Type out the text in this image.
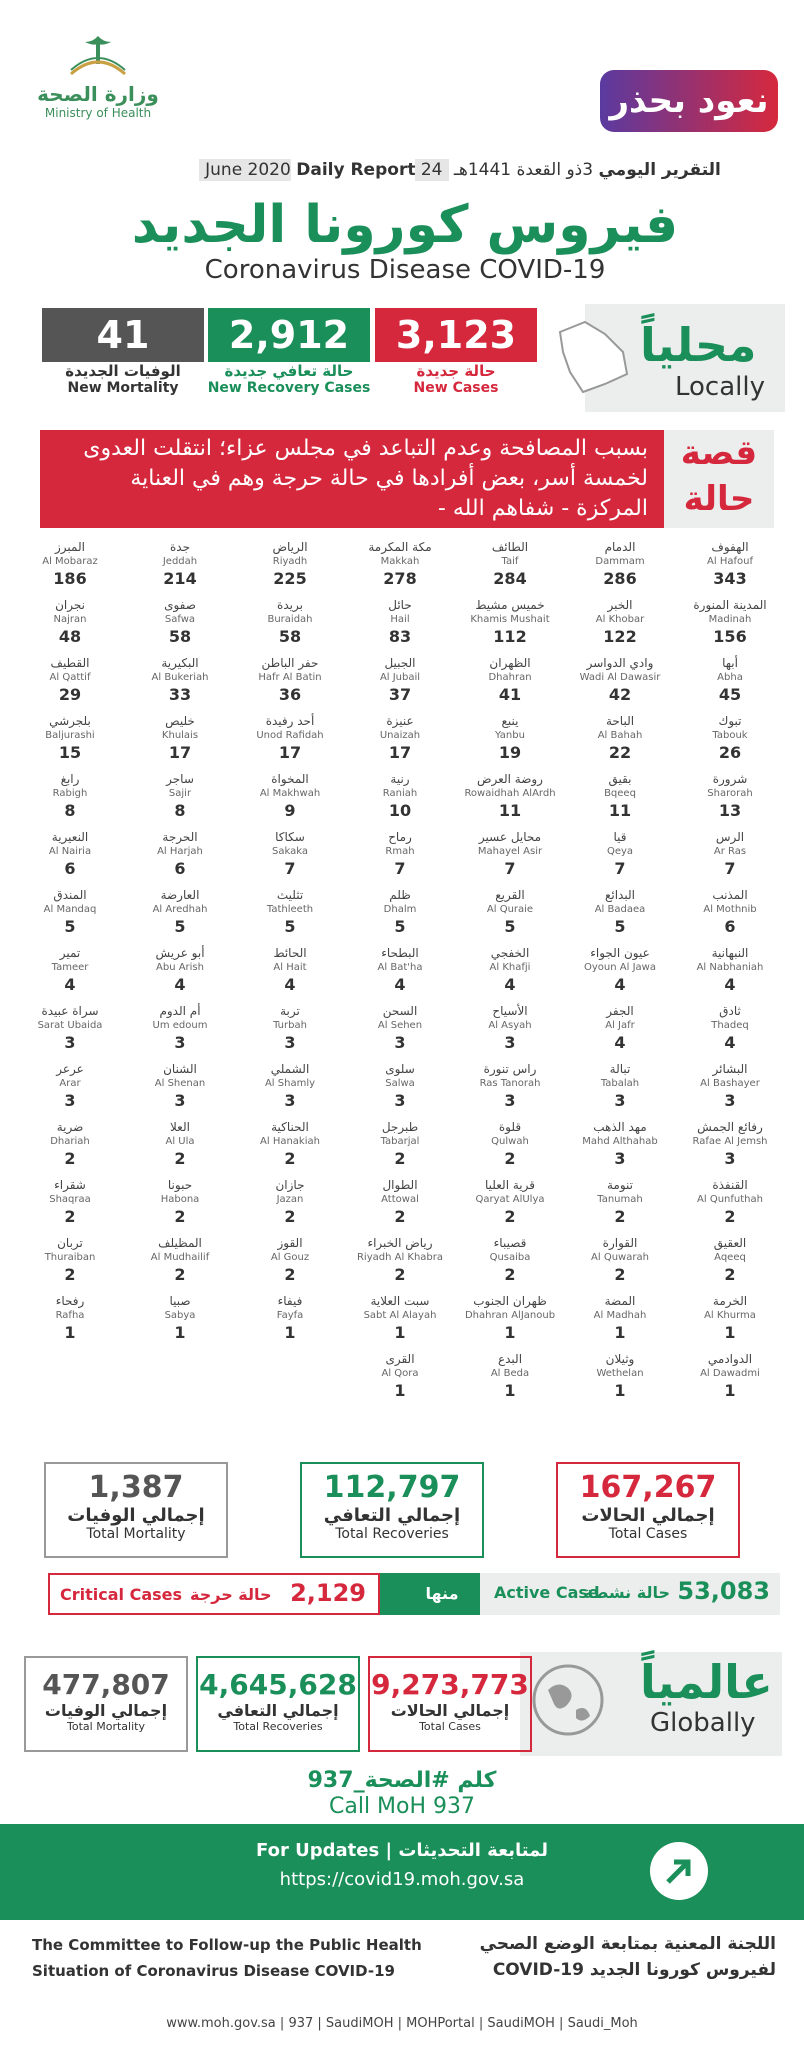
وزارة الصحة
Ministry of Health	نعود بحذر
التقرير اليومي 3ذو القعدة 1441هـ 24 June 2020 Daily Report
فيروس كورونا الجديد
Coronavirus Disease COVID-19
محلياً
Locally
3,123
حالة جديدة
New Cases
2,912
حالة تعافي جديدة
New Recovery Cases
41
الوفيات الجديدة
New Mortality
بسبب المصافحة وعدم التباعد في مجلس عزاء؛ انتقلت العدوى لخمسة أسر، بعض أفرادها في حالة حرجة وهم في العناية المركزة - شفاهم الله -
قصة حالة
الهفوف
Al Hafouf
343
الدمام
Dammam
286
الطائف
Taif
284
مكة المكرمة
Makkah
278
الرياض
Riyadh
225
جدة
Jeddah
214
المبرز
Al Mobaraz
186
المدينة المنورة
Madinah
156
الخبر
Al Khobar
122
خميس مشيط
Khamis Mushait
112
حائل
Hail
83
بريدة
Buraidah
58
صفوى
Safwa
58
نجران
Najran
48
أبها
Abha
45
وادي الدواسر
Wadi Al Dawasir
42
الظهران
Dhahran
41
الجبيل
Al Jubail
37
حفر الباطن
Hafr Al Batin
36
البكيرية
Al Bukeriah
33
القطيف
Al Qattif
29
تبوك
Tabouk
26
الباحة
Al Bahah
22
ينبع
Yanbu
19
عنيزة
Unaizah
17
أحد رفيدة
Unod Rafidah
17
خليص
Khulais
17
بلجرشي
Baljurashi
15
شرورة
Sharorah
13
بقيق
Bqeeq
11
روضة العرض
Rowaidhah AlArdh
11
رنية
Raniah
10
المخواة
Al Makhwah
9
ساجر
Sajir
8
رابغ
Rabigh
8
الرس
Ar Ras
7
قيا
Qeya
7
محايل عسير
Mahayel Asir
7
رماح
Rmah
7
سكاكا
Sakaka
7
الحرجة
Al Harjah
6
النعيرية
Al Nairia
6
المذنب
Al Mothnib
6
البدائع
Al Badaea
5
القريع
Al Quraie
5
ظلم
Dhalm
5
تثليث
Tathleeth
5
العارضة
Al Aredhah
5
المندق
Al Mandaq
5
النبهانية
Al Nabhaniah
4
عيون الجواء
Oyoun Al Jawa
4
الخفجي
Al Khafji
4
البطحاء
Al Bat'ha
4
الحائط
Al Hait
4
أبو عريش
Abu Arish
4
تمير
Tameer
4
ثادق
Thadeq
4
الجفر
Al Jafr
4
الأسياح
Al Asyah
3
السحن
Al Sehen
3
تربة
Turbah
3
أم الدوم
Um edoum
3
سراة عبيدة
Sarat Ubaida
3
البشائر
Al Bashayer
3
تبالة
Tabalah
3
راس تنورة
Ras Tanorah
3
سلوى
Salwa
3
الشملي
Al Shamly
3
الشنان
Al Shenan
3
عرعر
Arar
3
رفائع الجمش
Rafae Al Jemsh
3
مهد الذهب
Mahd Althahab
3
قلوة
Qulwah
2
طبرجل
Tabarjal
2
الحناكية
Al Hanakiah
2
العلا
Al Ula
2
ضرية
Dhariah
2
القنفذة
Al Qunfuthah
2
تنومة
Tanumah
2
قرية العليا
Qaryat AlUlya
2
الطوال
Attowal
2
جازان
Jazan
2
حبونا
Habona
2
شقراء
Shaqraa
2
العقيق
Aqeeq
2
القوارة
Al Quwarah
2
قصيباء
Qusaiba
2
رياض الخبراء
Riyadh Al Khabra
2
القوز
Al Gouz
2
المظيلف
Al Mudhailif
2
تربان
Thuraiban
2
الخرمة
Al Khurma
1
المضة
Al Madhah
1
ظهران الجنوب
Dhahran AlJanoub
1
سبت العلاية
Sabt Al Alayah
1
فيفاء
Fayfa
1
صبيا
Sabya
1
رفحاء
Rafha
1
الدوادمي
Al Dawadmi
1
وثيلان
Wethelan
1
البدع
Al Beda
1
القرى
Al Qora
1
167,267
إجمالي الحالات
Total Cases
112,797
إجمالي التعافي
Total Recoveries
1,387
إجمالي الوفيات
Total Mortality
2,129
حالة حرجة
Critical Cases	منها	53,083
حالة نشطة
Active Case
عالمياً
Globally
9,273,773
إجمالي الحالات
Total Cases
4,645,628
إجمالي التعافي
Total Recoveries
477,807
إجمالي الوفيات
Total Mortality
كلم #الصحة_937
Call MoH 937
For Updates | لمتابعة التحديثات
https://covid19.moh.gov.sa
The Committee to Follow-up the Public Health
Situation of Coronavirus Disease COVID-19
اللجنة المعنية بمتابعة الوضع الصحي
لفيروس كورونا الجديد COVID-19
www.moh.gov.sa | 937 | SaudiMOH | MOHPortal | SaudiMOH | Saudi_Moh
